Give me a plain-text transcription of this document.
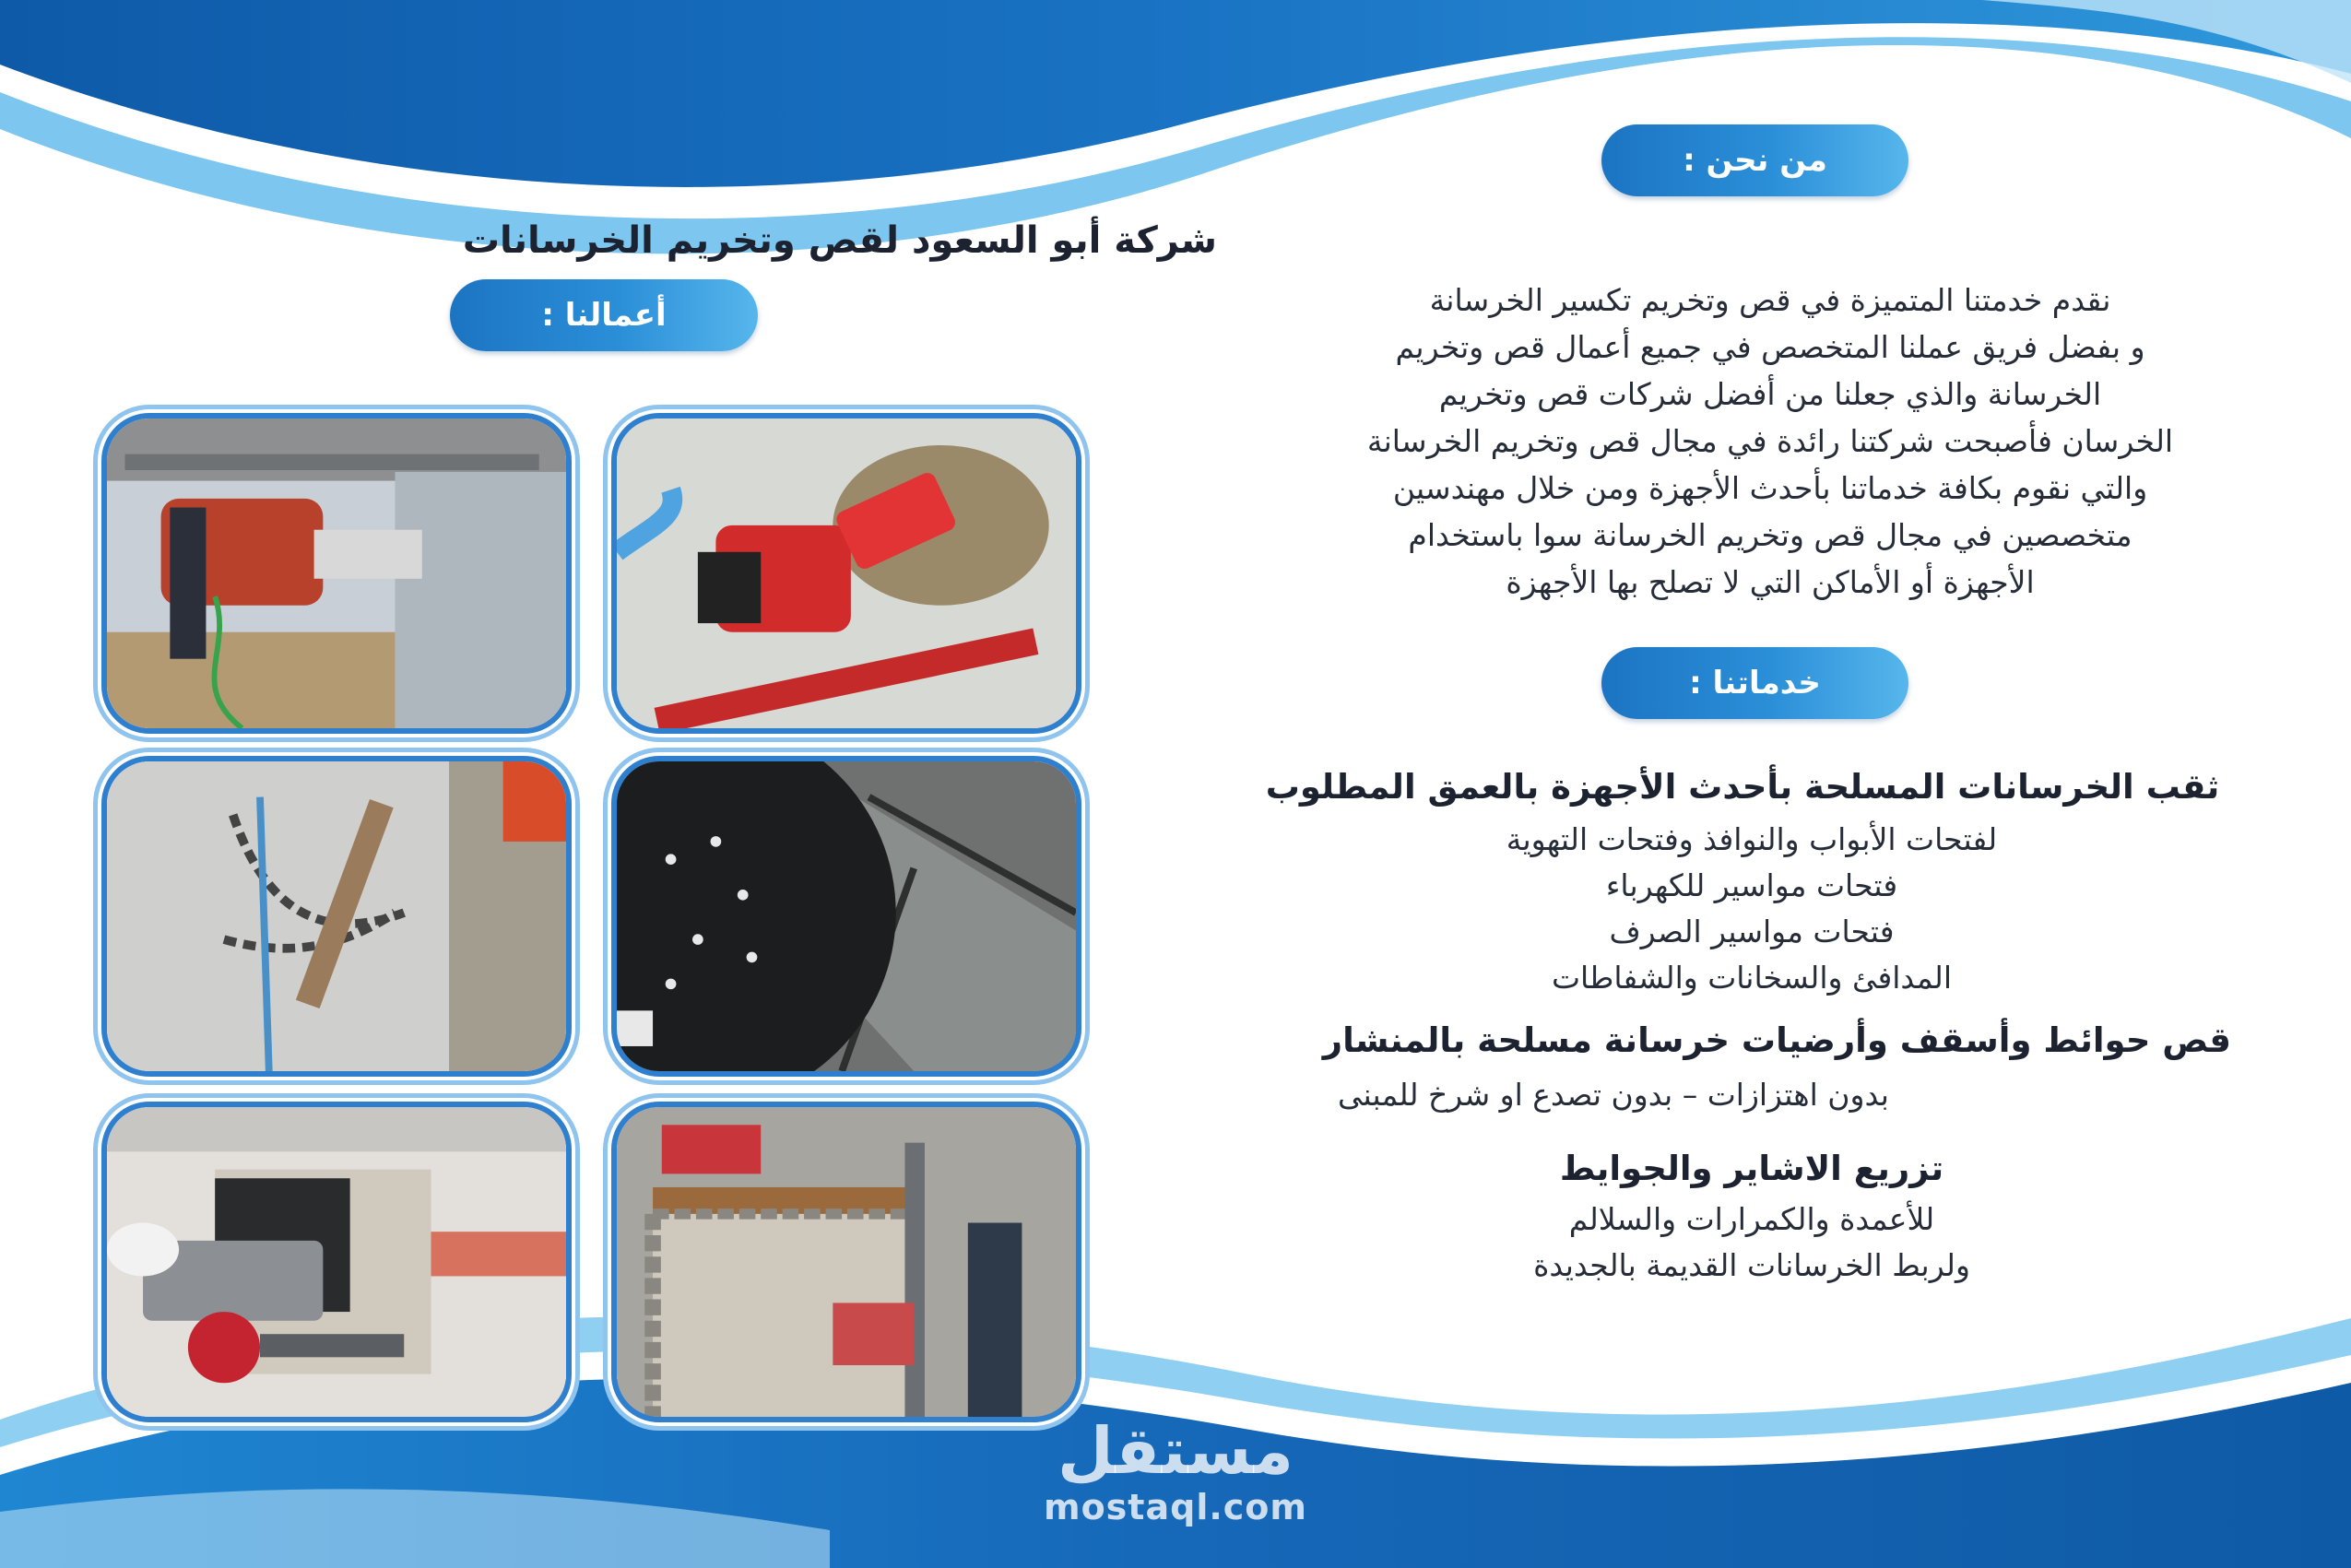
من نحن :
شركة أبو السعود لقص وتخريم الخرسانات
نقدم خدمتنا المتميزة في قص وتخريم تكسير الخرسانة
و بفضل فريق عملنا المتخصص في جميع أعمال قص وتخريم
الخرسانة والذي جعلنا من أفضل شركات قص وتخريم
الخرسان فأصبحت شركتنا رائدة في مجال قص وتخريم الخرسانة
والتي نقوم بكافة خدماتنا بأحدث الأجهزة ومن خلال مهندسين
متخصصين في مجال قص وتخريم الخرسانة سوا باستخدام
الأجهزة أو الأماكن التي لا تصلح بها الأجهزة
خدماتنا :
ثقب الخرسانات المسلحة بأحدث الأجهزة بالعمق المطلوب
لفتحات الأبواب والنوافذ وفتحات التهوية
فتحات مواسير للكهرباء
فتحات مواسير الصرف
المدافئ والسخانات والشفاطات
قص حوائط وأسقف وأرضيات خرسانة مسلحة بالمنشار
بدون اهتزازات – بدون تصدع او شرخ للمبنى
تزريع الاشاير والجوايط
للأعمدة والكمرارات والسلالم
ولربط الخرسانات القديمة بالجديدة
أعمالنا :
مستقل
mostaql.com
